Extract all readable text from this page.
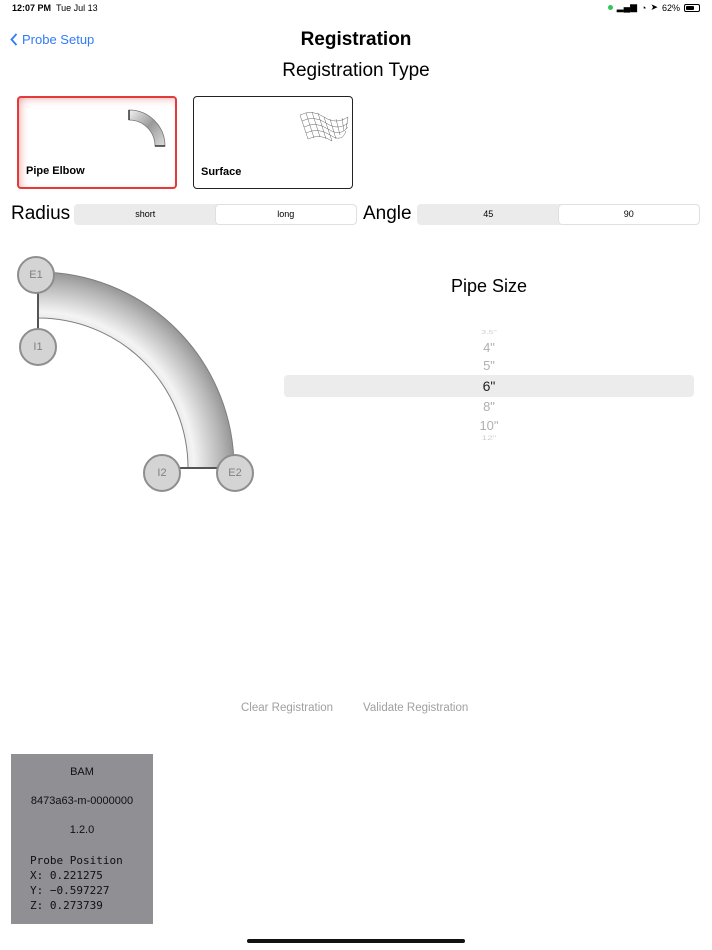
12:07 PM Tue Jul 13	▂▄▆ ◔ ➤ 62%
Probe Setup	Registration
Registration Type
Pipe Elbow	Surface
Radius	short	long	Angle	45	90
E1
I1
I2	E2
Pipe Size
3.5"
4"
5"
6"
8"
10"
12"
Clear Registration	Validate Registration
BAM
8473a63-m-0000000
1.2.0
Probe Position
X: 0.221275
Y: −0.597227
Z: 0.273739
